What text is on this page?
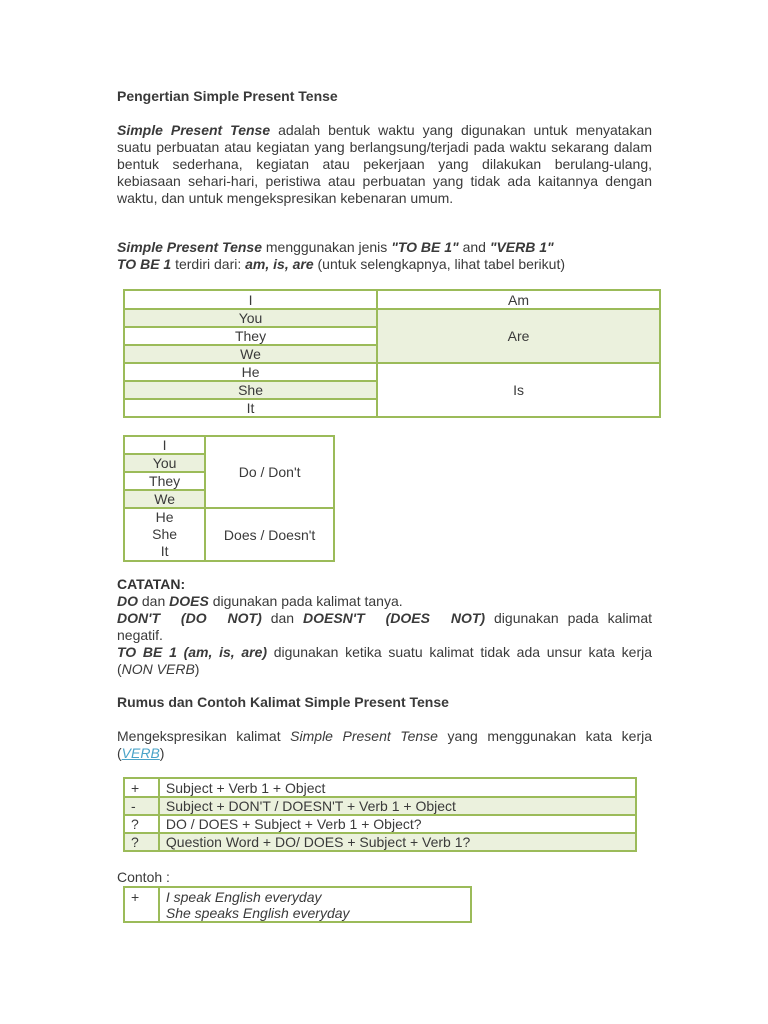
Pengertian Simple Present Tense
Simple Present Tense adalah bentuk waktu yang digunakan untuk menyatakan suatu perbuatan atau kegiatan yang berlangsung/terjadi pada waktu sekarang dalam bentuk sederhana, kegiatan atau pekerjaan yang dilakukan berulang-ulang, kebiasaan sehari-hari, peristiwa atau perbuatan yang tidak ada kaitannya dengan waktu, dan untuk mengekspresikan kebenaran umum.
Simple Present Tense menggunakan jenis "TO BE 1" and "VERB 1"
TO BE 1 terdiri dari: am, is, are (untuk selengkapnya, lihat tabel berikut)
I	Am
You	Are
They	
We	
He	Is
She	
It	
I	Do / Don't
You	
They	
We	

He
She
It	Does / Doesn't
CATATAN:
DO dan DOES digunakan pada kalimat tanya.
DON'T (DO NOT) dan DOESN'T (DOES NOT) digunakan pada kalimat negatif.
TO BE 1 (am, is, are) digunakan ketika suatu kalimat tidak ada unsur kata kerja (NON VERB)
Rumus dan Contoh Kalimat Simple Present Tense
Mengekspresikan kalimat Simple Present Tense yang menggunakan kata kerja (VERB)
+	Subject + Verb 1 + Object
-	Subject + DON'T / DOESN'T + Verb 1 + Object
?	DO / DOES + Subject + Verb 1 + Object?
?	Question Word + DO/ DOES + Subject + Verb 1?
Contoh :
+	I speak English everyday
She speaks English everyday
